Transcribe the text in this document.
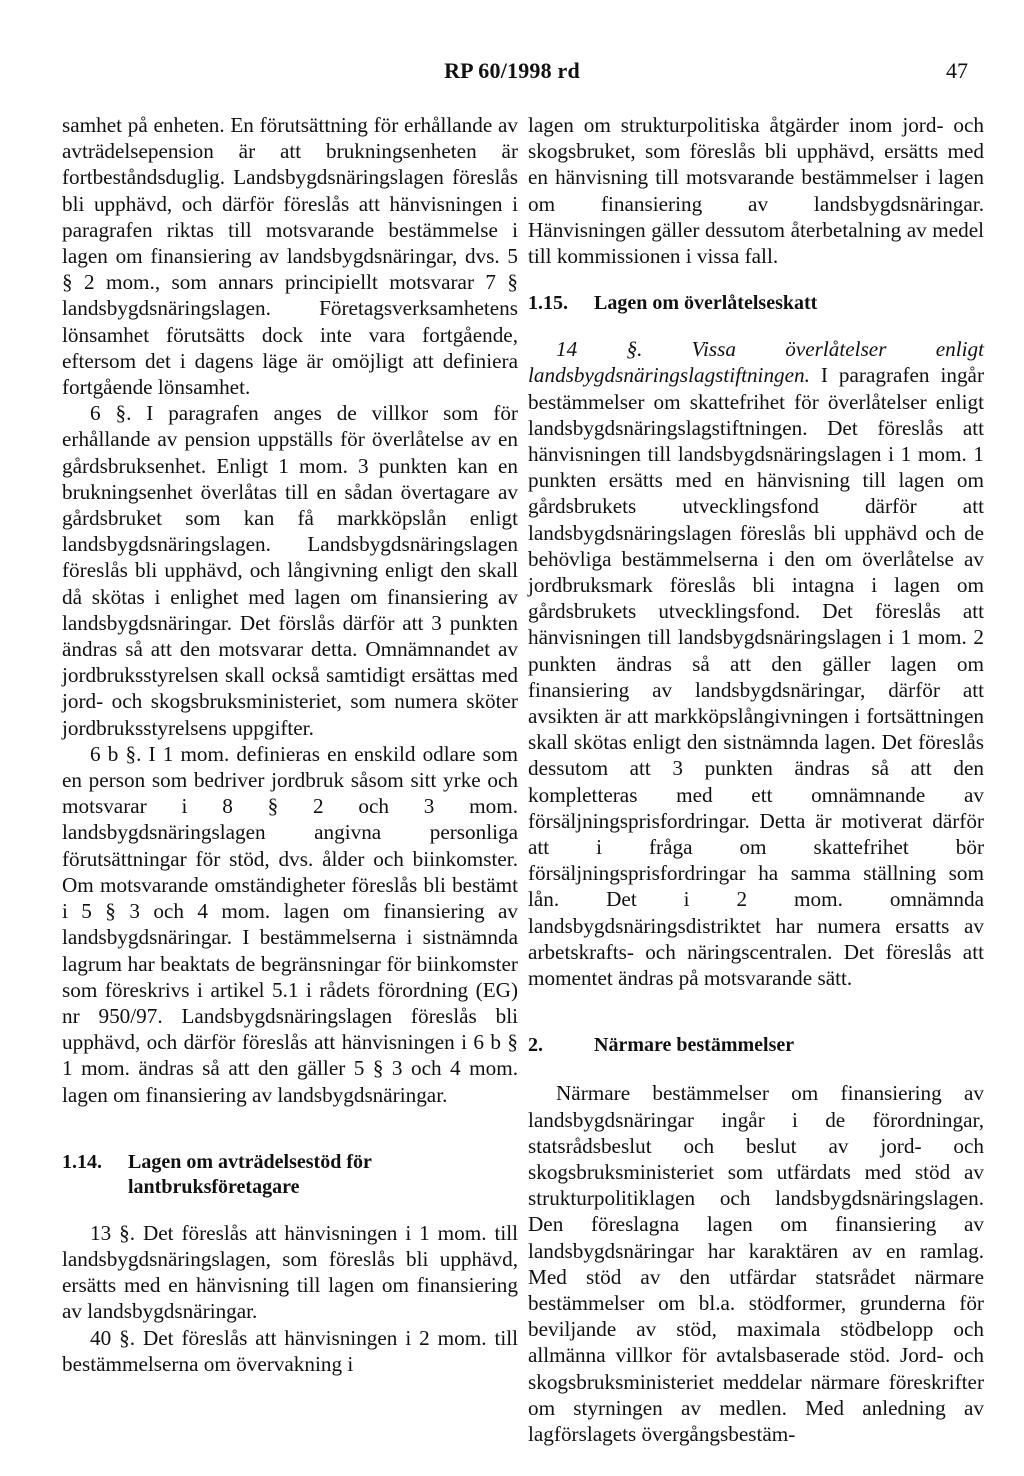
RP 60/1998 rd	47

samhet på enheten. En förutsättning för erhållande av avträdelsepension är att brukningsenheten är fortbeståndsduglig. Landsbygdsnäringslagen föreslås bli upphävd, och därför föreslås att hänvisningen i paragrafen riktas till motsvarande bestämmelse i lagen om finansiering av landsbygdsnäringar, dvs. 5 § 2 mom., som annars principiellt motsvarar 7 § landsbygdsnäringslagen. Företagsverksamhetens lönsamhet förutsätts dock inte vara fortgående, eftersom det i dagens läge är omöjligt att definiera fortgående lönsamhet.

6 §. I paragrafen anges de villkor som för erhållande av pension uppställs för överlåtelse av en gårdsbruksenhet. Enligt 1 mom. 3 punkten kan en brukningsenhet överlåtas till en sådan övertagare av gårdsbruket som kan få markköpslån enligt landsbygdsnäringslagen. Landsbygdsnäringslagen föreslås bli upphävd, och långivning enligt den skall då skötas i enlighet med lagen om finansiering av landsbygdsnäringar. Det förslås därför att 3 punkten ändras så att den motsvarar detta. Omnämnandet av jordbruksstyrelsen skall också samtidigt ersättas med jord- och skogsbruksministeriet, som numera sköter jordbruksstyrelsens uppgifter.

6 b §. I 1 mom. definieras en enskild odlare som en person som bedriver jordbruk såsom sitt yrke och motsvarar i 8 § 2 och 3 mom. landsbygdsnäringslagen angivna personliga förutsättningar för stöd, dvs. ålder och biinkomster. Om motsvarande omständigheter föreslås bli bestämt i 5 § 3 och 4 mom. lagen om finansiering av landsbygdsnäringar. I bestämmelserna i sistnämnda lagrum har beaktats de begränsningar för biinkomster som föreskrivs i artikel 5.1 i rådets förordning (EG) nr 950/97. Landsbygdsnäringslagen föreslås bli upphävd, och därför föreslås att hänvisningen i 6 b § 1 mom. ändras så att den gäller 5 § 3 och 4 mom. lagen om finansiering av landsbygdsnäringar.

1.14.	Lagen om avträdelsestöd för lantbruksföretagare

13 §. Det föreslås att hänvisningen i 1 mom. till landsbygdsnäringslagen, som föreslås bli upphävd, ersätts med en hänvisning till lagen om finansiering av landsbygdsnäringar.

40 §. Det föreslås att hänvisningen i 2 mom. till bestämmelserna om övervakning i

lagen om strukturpolitiska åtgärder inom jord- och skogsbruket, som föreslås bli upphävd, ersätts med en hänvisning till motsvarande bestämmelser i lagen om finansiering av landsbygdsnäringar. Hänvisningen gäller dessutom återbetalning av medel till kommissionen i vissa fall.

1.15.	Lagen om överlåtelseskatt

14 §. Vissa överlåtelser enligt landsbygdsnäringslagstiftningen. I paragrafen ingår bestämmelser om skattefrihet för överlåtelser enligt landsbygdsnäringslagstiftningen. Det föreslås att hänvisningen till landsbygdsnäringslagen i 1 mom. 1 punkten ersätts med en hänvisning till lagen om gårdsbrukets utvecklingsfond därför att landsbygdsnäringslagen föreslås bli upphävd och de behövliga bestämmelserna i den om överlåtelse av jordbruksmark föreslås bli intagna i lagen om gårdsbrukets utvecklingsfond. Det föreslås att hänvisningen till landsbygdsnäringslagen i 1 mom. 2 punkten ändras så att den gäller lagen om finansiering av landsbygdsnäringar, därför att avsikten är att markköpslångivningen i fortsättningen skall skötas enligt den sistnämnda lagen. Det föreslås dessutom att 3 punkten ändras så att den kompletteras med ett omnämnande av försäljningsprisfordringar. Detta är motiverat därför att i fråga om skattefrihet bör försäljningsprisfordringar ha samma ställning som lån. Det i 2 mom. omnämnda landsbygdsnäringsdistriktet har numera ersatts av arbetskrafts- och näringscentralen. Det föreslås att momentet ändras på motsvarande sätt.

2.	Närmare bestämmelser

Närmare bestämmelser om finansiering av landsbygdsnäringar ingår i de förordningar, statsrådsbeslut och beslut av jord- och skogsbruksministeriet som utfärdats med stöd av strukturpolitiklagen och landsbygdsnäringslagen. Den föreslagna lagen om finansiering av landsbygdsnäringar har karaktären av en ramlag. Med stöd av den utfärdar statsrådet närmare bestämmelser om bl.a. stödformer, grunderna för beviljande av stöd, maximala stödbelopp och allmänna villkor för avtalsbaserade stöd. Jord- och skogsbruksministeriet meddelar närmare föreskrifter om styrningen av medlen. Med anledning av lagförslagets övergångsbestäm-
